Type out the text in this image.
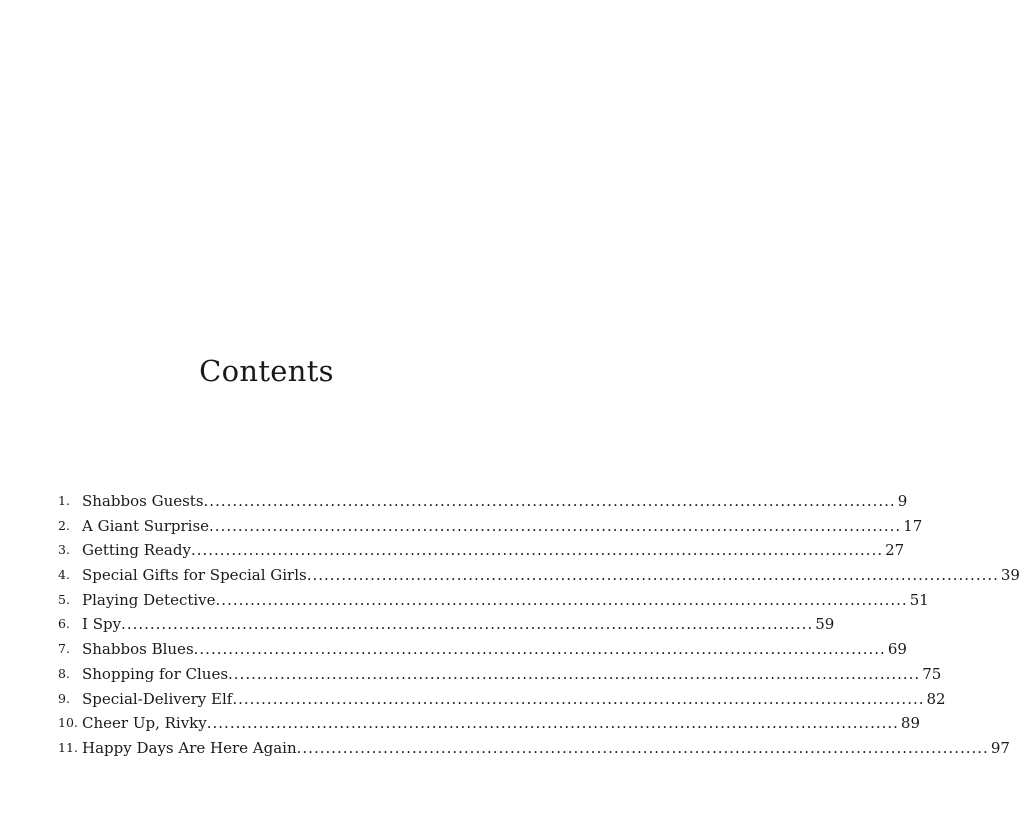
Contents
1. Shabbos Guests ........................................................................................................................ 9
2. A Giant Surprise ........................................................................................................................ 17
3. Getting Ready ........................................................................................................................ 27
4. Special Gifts for Special Girls ........................................................................................................................ 39
5. Playing Detective ........................................................................................................................ 51
6. I Spy ........................................................................................................................ 59
7. Shabbos Blues ........................................................................................................................ 69
8. Shopping for Clues ........................................................................................................................ 75
9. Special-Delivery Elf ........................................................................................................................ 82
10. Cheer Up, Rivky ........................................................................................................................ 89
11. Happy Days Are Here Again ........................................................................................................................ 97
